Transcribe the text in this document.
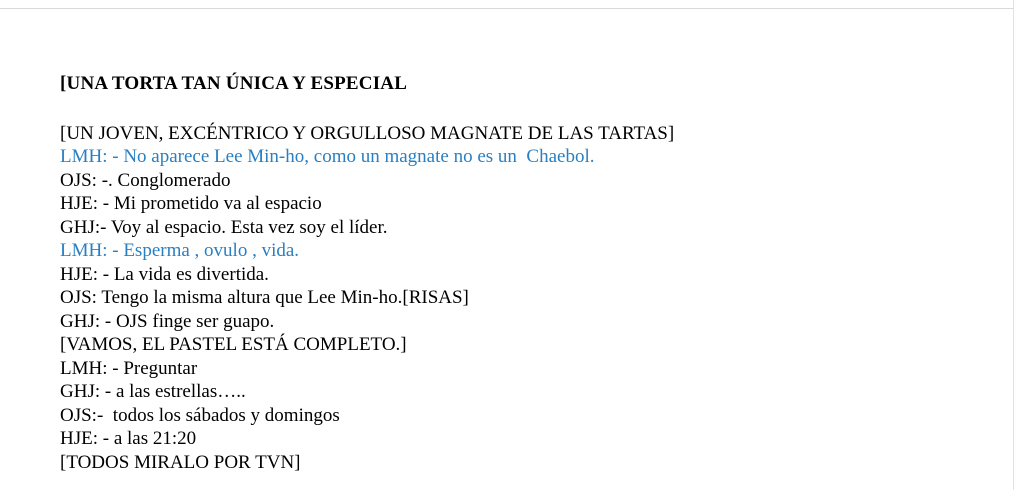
[UNA TORTA TAN ÚNICA Y ESPECIAL

[UN JOVEN, EXCÉNTRICO Y ORGULLOSO MAGNATE DE LAS TARTAS]

LMH: - No aparece Lee Min-ho, como un magnate no es un  Chaebol.

OJS: -. Conglomerado

HJE: - Mi prometido va al espacio

GHJ:- Voy al espacio. Esta vez soy el líder.

LMH: - Esperma , ovulo , vida.

HJE: - La vida es divertida.

OJS: Tengo la misma altura que Lee Min-ho.[RISAS]

GHJ: - OJS finge ser guapo.

[VAMOS, EL PASTEL ESTÁ COMPLETO.]

LMH: - Preguntar

GHJ: - a las estrellas…..

OJS:-  todos los sábados y domingos

HJE: - a las 21:20

[TODOS MIRALO POR TVN]
